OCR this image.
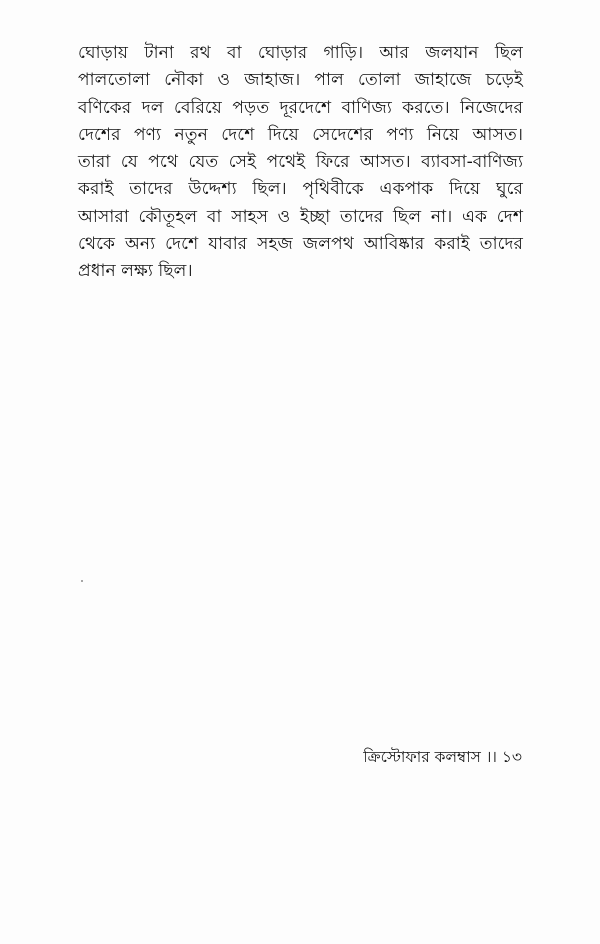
ঘোড়ায় টানা রথ বা ঘোড়ার গাড়ি। আর জলযান ছিল
পালতোলা নৌকা ও জাহাজ। পাল তোলা জাহাজে চড়েই
বণিকের দল বেরিয়ে পড়ত দূরদেশে বাণিজ্য করতে। নিজেদের
দেশের পণ্য নতুন দেশে দিয়ে সেদেশের পণ্য নিয়ে আসত।
তারা যে পথে যেত সেই পথেই ফিরে আসত। ব্যাবসা-বাণিজ্য
করাই তাদের উদ্দেশ্য ছিল। পৃথিবীকে একপাক দিয়ে ঘুরে
আসারা কৌতূহল বা সাহস ও ইচ্ছা তাদের ছিল না। এক দেশ
থেকে অন্য দেশে যাবার সহজ জলপথ আবিষ্কার করাই তাদের
প্রধান লক্ষ্য ছিল।
ক্রিস্টোফার কলম্বাস ।। ১৩
